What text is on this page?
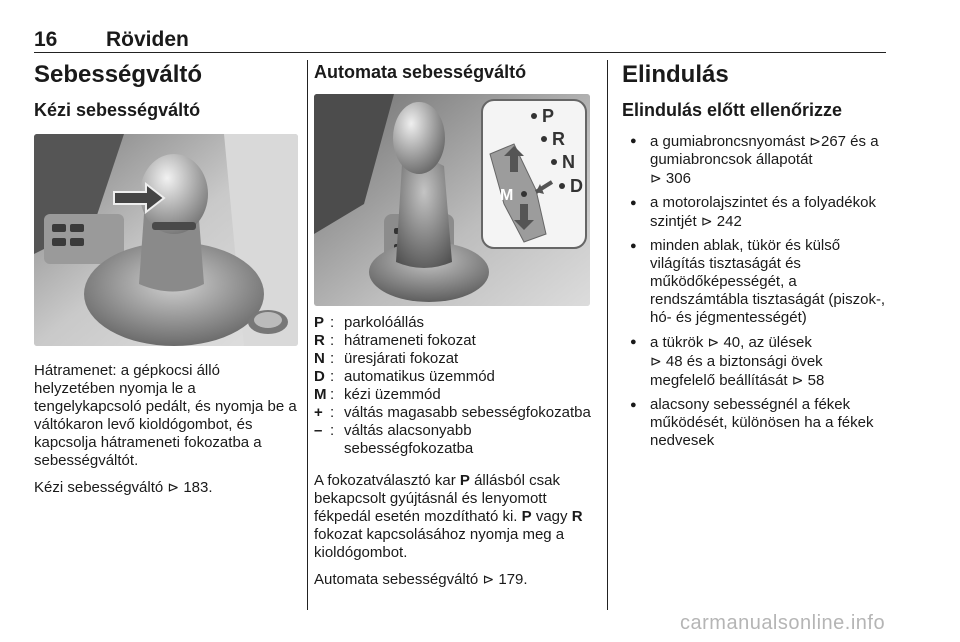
16 Röviden
Sebességváltó
Kézi sebességváltó

Hátramenet: a gépkocsi álló helyzetében nyomja le a tengelykapcsoló pedált, és nyomja be a váltókaron levő kioldógombot, és kapcsolja hátrameneti fokozatba a sebességváltót.

Kézi sebességváltó ⊳ 183.

Automata sebességváltó
P
R
N
D
M
P : parkolóállás
R : hátrameneti fokozat
N : üresjárati fokozat
D : automatikus üzemmód
M : kézi üzemmód
+ : váltás magasabb sebességfokozatba
– : váltás alacsonyabb sebességfokozatba

A fokozatválasztó kar P állásból csak bekapcsolt gyújtásnál és lenyomott fékpedál esetén mozdítható ki. P vagy R fokozat kapcsolásához nyomja meg a kioldógombot.

Automata sebességváltó ⊳ 179.

Elindulás
Elindulás előtt ellenőrizze
● a gumiabroncsnyomást ⊳267 és a gumiabroncsok állapotát
⊳ 306
● a motorolajszintet és a folyadékok szintjét ⊳ 242
● minden ablak, tükör és külső világítás tisztaságát és működőképességét, a rendszámtábla tisztaságát (piszok-, hó- és jégmentességét)
● a tükrök ⊳ 40, az ülések
⊳ 48 és a biztonsági övek megfelelő beállítását ⊳ 58
● alacsony sebességnél a fékek működését, különösen ha a fékek nedvesek
carmanualsonline.info
